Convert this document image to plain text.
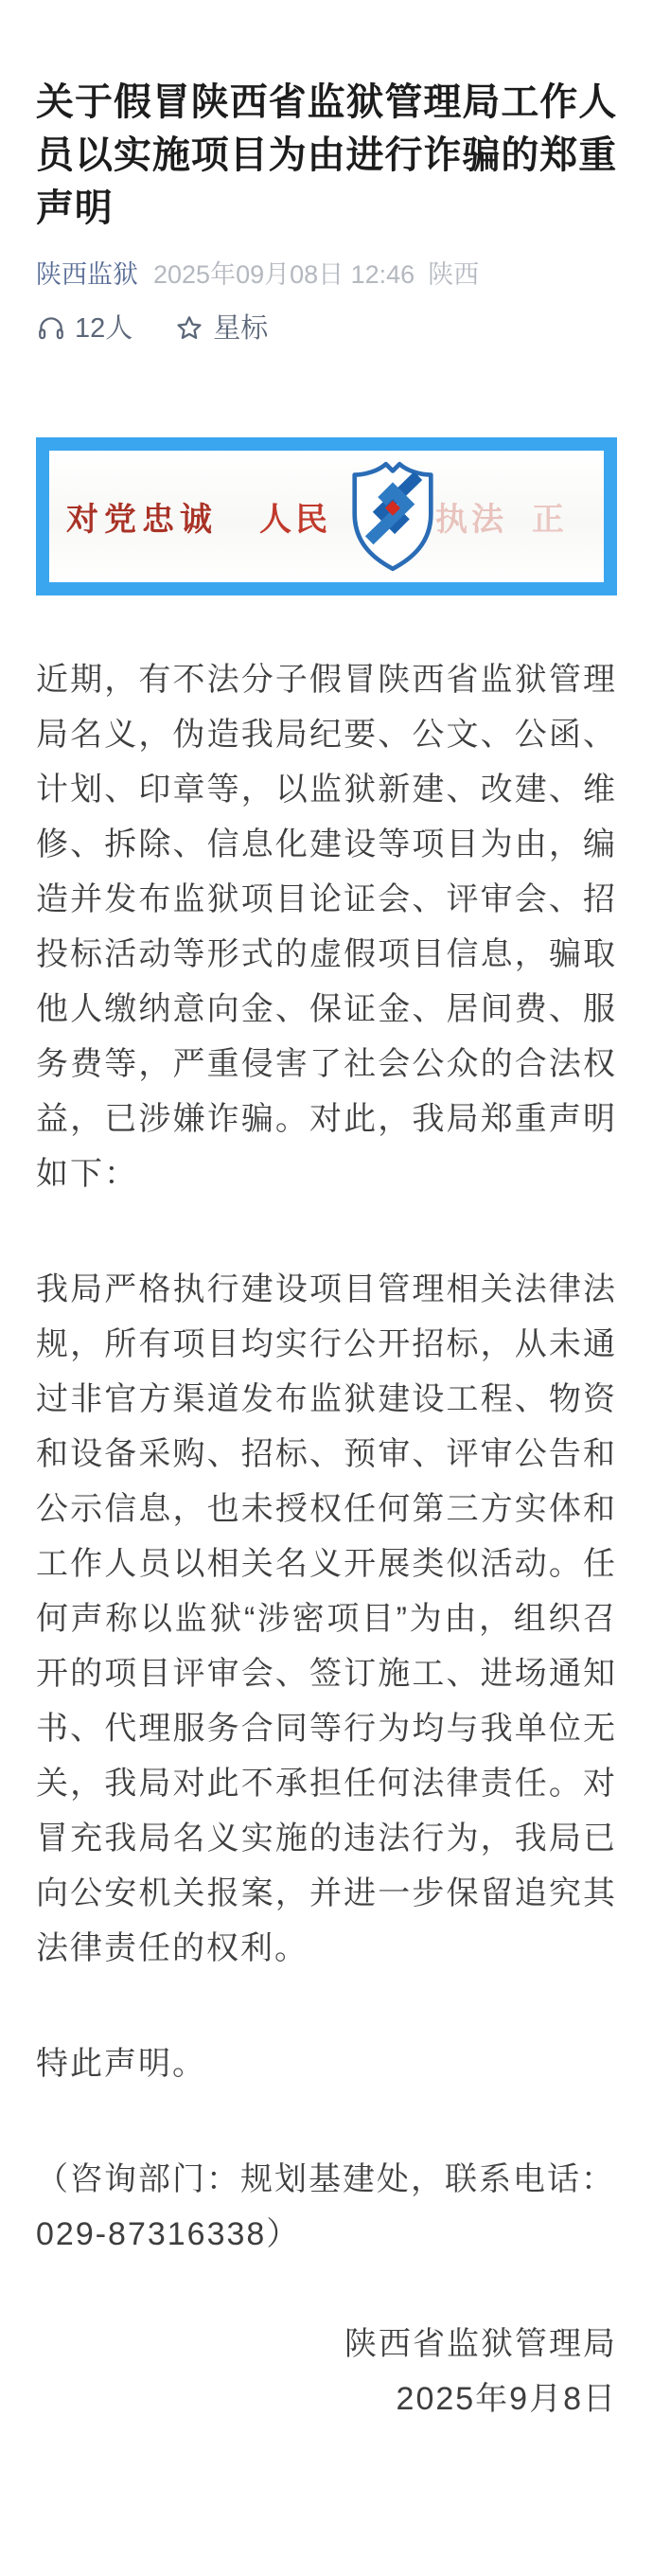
关于假冒陕西省监狱管理局工作人员以实施项目为由进行诈骗的郑重声明
陕西监狱 2025年09月08日 12:46 陕西
12人	星标
对党忠诚 人民	执法 正

近期，有不法分子假冒陕西省监狱管理局名义，伪造我局纪要、公文、公函、计划、印章等，以监狱新建、改建、维修、拆除、信息化建设等项目为由，编造并发布监狱项目论证会、评审会、招投标活动等形式的虚假项目信息，骗取他人缴纳意向金、保证金、居间费、服务费等，严重侵害了社会公众的合法权益，已涉嫌诈骗。对此，我局郑重声明如下：

我局严格执行建设项目管理相关法律法规，所有项目均实行公开招标，从未通过非官方渠道发布监狱建设工程、物资和设备采购、招标、预审、评审公告和公示信息，也未授权任何第三方实体和工作人员以相关名义开展类似活动。任何声称以监狱“涉密项目”为由，组织召开的项目评审会、签订施工、进场通知书、代理服务合同等行为均与我单位无关，我局对此不承担任何法律责任。对冒充我局名义实施的违法行为，我局已向公安机关报案，并进一步保留追究其法律责任的权利。

特此声明。

（咨询部门：规划基建处，联系电话：
029-87316338）
陕西省监狱管理局
2025年9月8日
